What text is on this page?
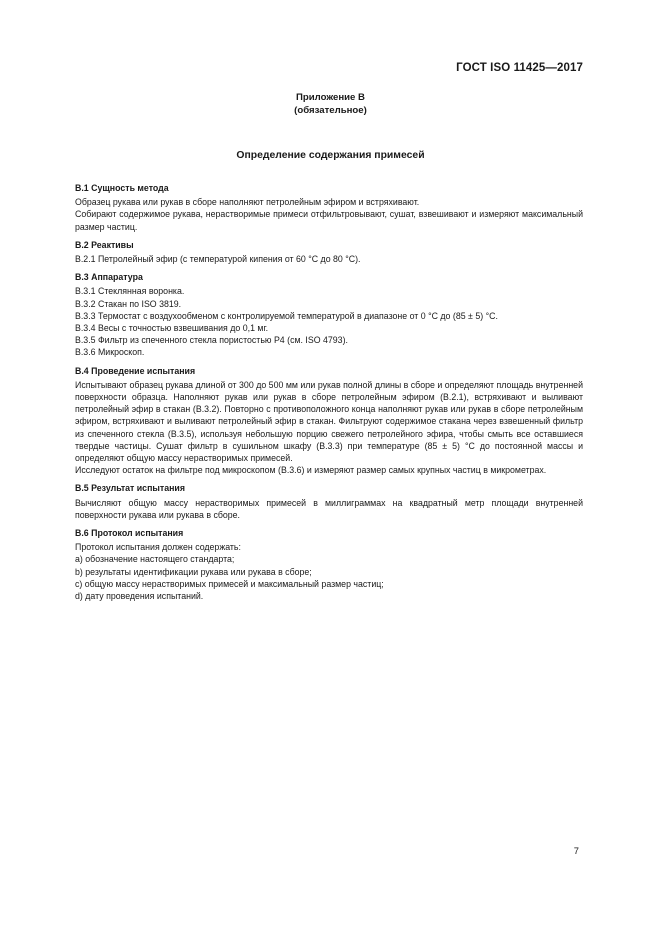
ГОСТ ISO 11425—2017
Приложение В
(обязательное)
Определение содержания примесей
В.1 Сущность метода

Образец рукава или рукав в сборе наполняют петролейным эфиром и встряхивают.

Собирают содержимое рукава, нерастворимые примеси отфильтровывают, сушат, взвешивают и измеряют максимальный размер частиц.

В.2 Реактивы

В.2.1 Петролейный эфир (с температурой кипения от 60 °С до 80 °С).

В.3 Аппаратура

В.3.1 Стеклянная воронка.

В.3.2 Стакан по ISO 3819.

В.3.3 Термостат с воздухообменом с контролируемой температурой в диапазоне от 0 °С до (85 ± 5) °С.

В.3.4 Весы с точностью взвешивания до 0,1 мг.

В.3.5 Фильтр из спеченного стекла пористостью Р4 (см. ISO 4793).

В.3.6 Микроскоп.

В.4 Проведение испытания

Испытывают образец рукава длиной от 300 до 500 мм или рукав полной длины в сборе и определяют площадь внутренней поверхности образца. Наполняют рукав или рукав в сборе петролейным эфиром (В.2.1), встряхивают и выливают петролейный эфир в стакан (В.3.2). Повторно с противоположного конца наполняют рукав или рукав в сборе петролейным эфиром, встряхивают и выливают петролейный эфир в стакан. Фильтруют содержимое стакана через взвешенный фильтр из спеченного стекла (В.3.5), используя небольшую порцию свежего петролейного эфира, чтобы смыть все оставшиеся твердые частицы. Сушат фильтр в сушильном шкафу (В.3.3) при температуре (85 ± 5) °С до постоянной массы и определяют общую массу нерастворимых примесей.

Исследуют остаток на фильтре под микроскопом (В.3.6) и измеряют размер самых крупных частиц в микрометрах.

В.5 Результат испытания

Вычисляют общую массу нерастворимых примесей в миллиграммах на квадратный метр площади внутренней поверхности рукава или рукава в сборе.

В.6 Протокол испытания

Протокол испытания должен содержать:

a) обозначение настоящего стандарта;

b) результаты идентификации рукава или рукава в сборе;

c) общую массу нерастворимых примесей и максимальный размер частиц;

d) дату проведения испытаний.

7
